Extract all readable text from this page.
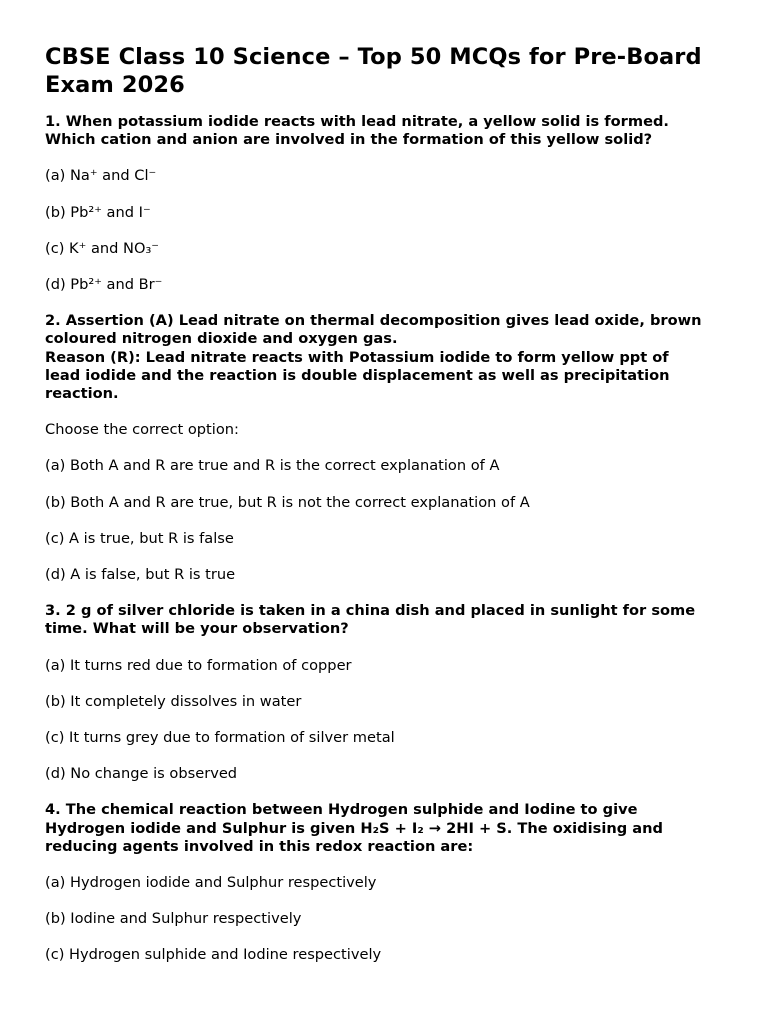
CBSE Class 10 Science – Top 50 MCQs for Pre-Board
Exam 2026
1. When potassium iodide reacts with lead nitrate, a yellow solid is formed.
Which cation and anion are involved in the formation of this yellow solid?
(a) Na⁺ and Cl⁻
(b) Pb²⁺ and I⁻
(c) K⁺ and NO₃⁻
(d) Pb²⁺ and Br⁻
2. Assertion (A) Lead nitrate on thermal decomposition gives lead oxide, brown
coloured nitrogen dioxide and oxygen gas.
Reason (R): Lead nitrate reacts with Potassium iodide to form yellow ppt of
lead iodide and the reaction is double displacement as well as precipitation
reaction.
Choose the correct option:
(a) Both A and R are true and R is the correct explanation of A
(b) Both A and R are true, but R is not the correct explanation of A
(c) A is true, but R is false
(d) A is false, but R is true
3. 2 g of silver chloride is taken in a china dish and placed in sunlight for some
time. What will be your observation?
(a) It turns red due to formation of copper
(b) It completely dissolves in water
(c) It turns grey due to formation of silver metal
(d) No change is observed
4. The chemical reaction between Hydrogen sulphide and Iodine to give
Hydrogen iodide and Sulphur is given H₂S + I₂ → 2HI + S. The oxidising and
reducing agents involved in this redox reaction are:
(a) Hydrogen iodide and Sulphur respectively
(b) Iodine and Sulphur respectively
(c) Hydrogen sulphide and Iodine respectively
